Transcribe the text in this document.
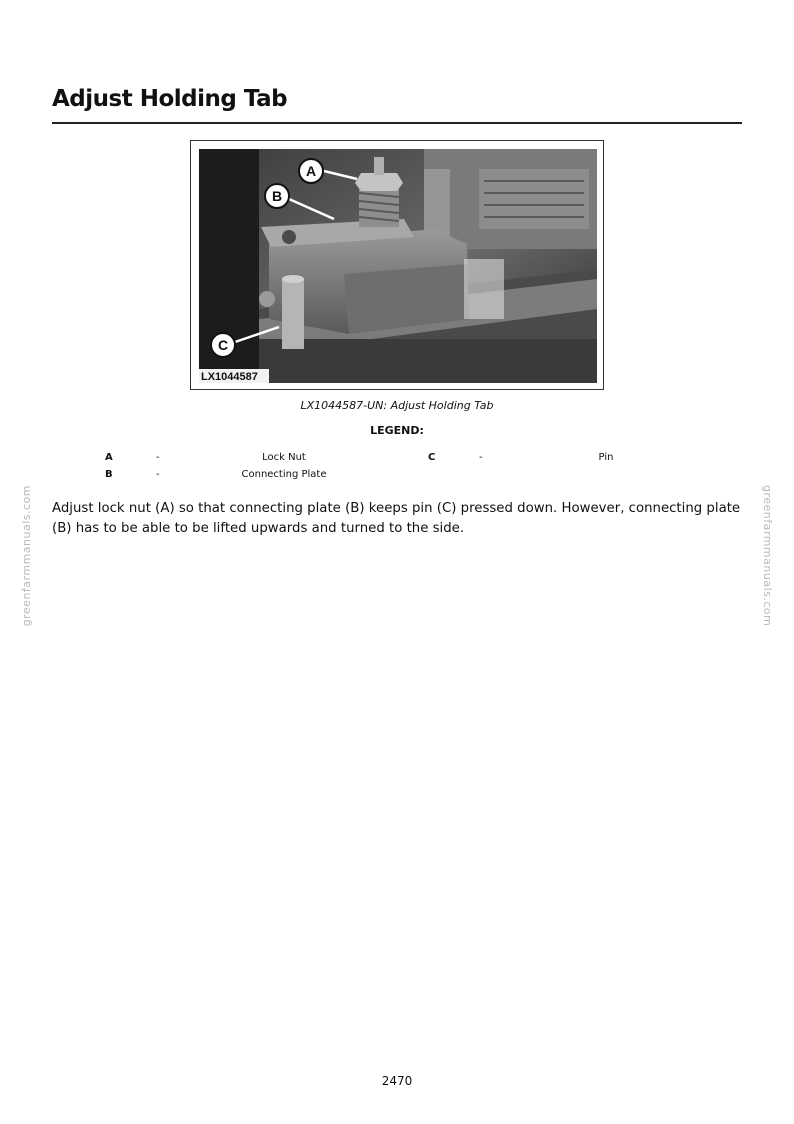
Adjust Holding Tab
A
B
C
LX1044587
LX1044587-UN: Adjust Holding Tab
LEGEND:
A	-	Lock Nut
B	-	Connecting Plate
C	-	Pin

Adjust lock nut (A) so that connecting plate (B) keeps pin (C) pressed down. However, connecting plate (B) has to be able to be lifted upwards and turned to the side.

greenfarmmanuals.com	greenfarmmanuals.com
2470
